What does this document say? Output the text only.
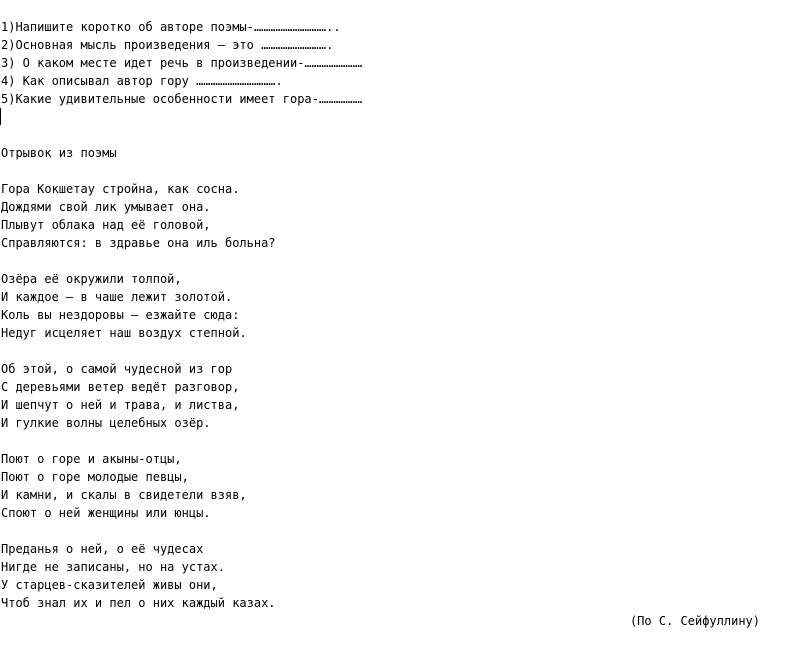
1)Напишите коротко об авторе поэмы-…………………………..
2)Основная мысль произведения – это ……………………….
3) О каком месте идет речь в произведении-……………………
4) Как описывал автор гору …………………………….
5)Какие удивительные особенности имеет гора-………………
Отрывок из поэмы
Гора Кокшетау стройна, как сосна.
Дождями свой лик умывает она.
Плывут облака над её головой,
Справляются: в здравье она иль больна?
Озёра её окружили толпой,
И каждое – в чаше лежит золотой.
Коль вы нездоровы – езжайте сюда:
Недуг исцеляет наш воздух степной.
Об этой, о самой чудесной из гор
С деревьями ветер ведёт разговор,
И шепчут о ней и трава, и листва,
И гулкие волны целебных озёр.
Поют о горе и акыны-отцы,
Поют о горе молодые певцы,
И камни, и скалы в свидетели взяв,
Споют о ней женщины или юнцы.
Преданья о ней, о её чудесах
Нигде не записаны, но на устах.
У старцев-сказителей живы они,
Чтоб знал их и пел о них каждый казах.
(По С. Сейфуллину)
